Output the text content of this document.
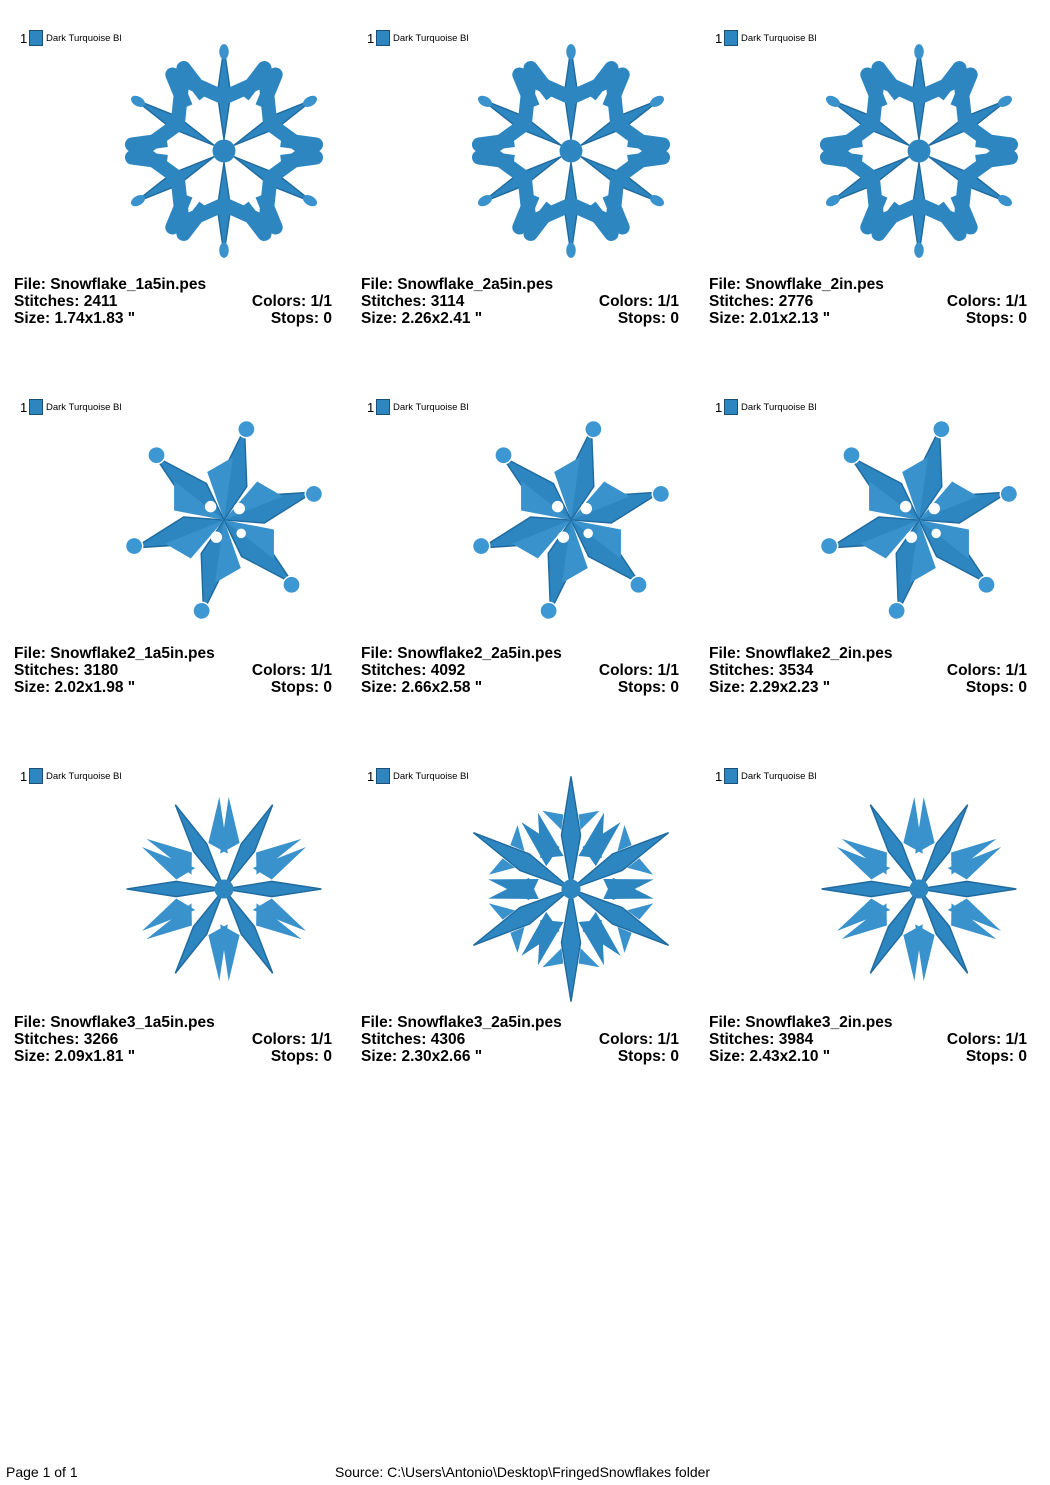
1 Dark Turquoise Bl
File: Snowflake_1a5in.pes
Stitches: 2411	Colors: 1/1
Size: 1.74x1.83 "	Stops: 0
1 Dark Turquoise Bl
File: Snowflake_2a5in.pes
Stitches: 3114	Colors: 1/1
Size: 2.26x2.41 "	Stops: 0
1 Dark Turquoise Bl
File: Snowflake_2in.pes
Stitches: 2776	Colors: 1/1
Size: 2.01x2.13 "	Stops: 0
1 Dark Turquoise Bl
File: Snowflake2_1a5in.pes
Stitches: 3180	Colors: 1/1
Size: 2.02x1.98 "	Stops: 0
1 Dark Turquoise Bl
File: Snowflake2_2a5in.pes
Stitches: 4092	Colors: 1/1
Size: 2.66x2.58 "	Stops: 0
1 Dark Turquoise Bl
File: Snowflake2_2in.pes
Stitches: 3534	Colors: 1/1
Size: 2.29x2.23 "	Stops: 0
1 Dark Turquoise Bl
File: Snowflake3_1a5in.pes
Stitches: 3266	Colors: 1/1
Size: 2.09x1.81 "	Stops: 0
1 Dark Turquoise Bl
File: Snowflake3_2a5in.pes
Stitches: 4306	Colors: 1/1
Size: 2.30x2.66 "	Stops: 0
1 Dark Turquoise Bl
File: Snowflake3_2in.pes
Stitches: 3984	Colors: 1/1
Size: 2.43x2.10 "	Stops: 0
Page 1 of 1	Source: C:\Users\Antonio\Desktop\FringedSnowflakes folder
